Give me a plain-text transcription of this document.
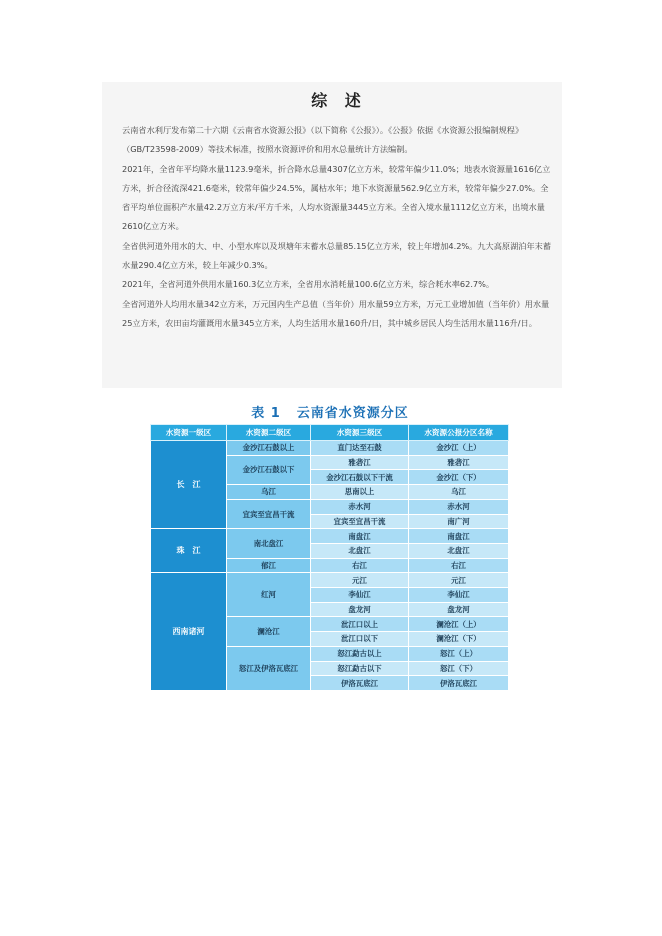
综 述

云南省水利厅发布第二十六期《云南省水资源公报》（以下简称《公报》）。《公报》依据《水资源公报编制规程》（GB/T23598-2009）等技术标准，按照水资源评价和用水总量统计方法编制。

2021年，全省年平均降水量1123.9毫米，折合降水总量4307亿立方米，较常年偏少11.0%；地表水资源量1616亿立方米，折合径流深421.6毫米，较常年偏少24.5%，属枯水年；地下水资源量562.9亿立方米，较常年偏少27.0%。全省平均单位面积产水量42.2万立方米/平方千米，人均水资源量3445立方米。全省入境水量1112亿立方米，出境水量2610亿立方米。

全省供河道外用水的大、中、小型水库以及坝塘年末蓄水总量85.15亿立方米，较上年增加4.2%。九大高原湖泊年末蓄水量290.4亿立方米，较上年减少0.3%。

2021年，全省河道外供用水量160.3亿立方米，全省用水消耗量100.6亿立方米，综合耗水率62.7%。

全省河道外人均用水量342立方米，万元国内生产总值（当年价）用水量59立方米，万元工业增加值（当年价）用水量25立方米，农田亩均灌溉用水量345立方米，人均生活用水量160升/日，其中城乡居民人均生活用水量116升/日。

表 1 云南省水资源分区
水资源一级区	水资源二级区	水资源三级区	水资源公报分区名称
长　江	金沙江石鼓以上	直门达至石鼓	金沙江（上）
	金沙江石鼓以下	雅砻江	雅砻江
		金沙江石鼓以下干流	金沙江（下）
	乌江	思南以上	乌江
	宜宾至宜昌干流	赤水河	赤水河
		宜宾至宜昌干流	南广河
珠　江	南北盘江	南盘江	南盘江
		北盘江	北盘江
	郁江	右江	右江
西南诸河	红河	元江	元江
		李仙江	李仙江
		盘龙河	盘龙河
	澜沧江	沘江口以上	澜沧江（上）
		沘江口以下	澜沧江（下）
	怒江及伊洛瓦底江	怒江勐古以上	怒江（上）
		怒江勐古以下	怒江（下）
		伊洛瓦底江	伊洛瓦底江
